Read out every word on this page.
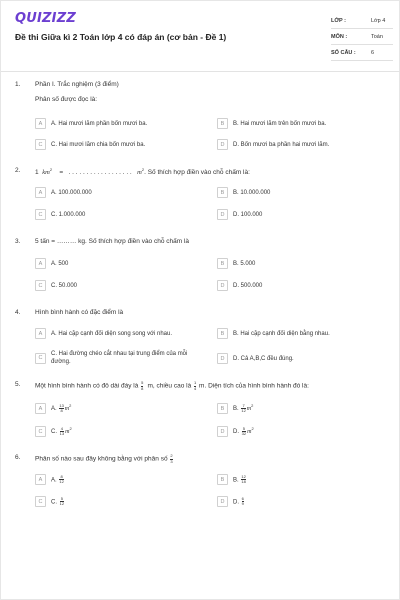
QUIZIZZ
Đề thi Giữa kì 2 Toán lớp 4 có đáp án (cơ bản - Đề 1)
LỚP :	Lớp 4
MÔN :	Toán
SỐ CÂU :	6
1. Phần I. Trắc nghiệm (3 điểm)
Phân số được đọc là:
A	A. Hai mươi lăm phần bốn mươi ba.	B	B. Hai mươi lăm trên bốn mươi ba.
C	C. Hai mươi lăm chia bốn mươi ba.	D	D. Bốn mươi ba phần hai mươi lăm.
2. 1 $km^2$ = . . . . . . . . . . . . . . . . . . $m^2$. Số thích hợp điền vào chỗ chấm là:
A	A. 100.000.000	B	B. 10.000.000
C	C. 1.000.000	D	D. 100.000
3. 5 tấn = ……… kg. Số thích hợp điền vào chỗ chấm là
A	A. 500	B	B. 5.000
C	C. 50.000	D	D. 500.000
4. Hình bình hành có đặc điểm là
A	A. Hai cặp cạnh đối diện song song với nhau.	B	B. Hai cặp cạnh đối diện bằng nhau.
C
C. Hai đường chéo cắt nhau tại trung điểm của mỗi đường.
D	D. Cả A,B,C đều đúng.
5. Một hình bình hành có đô dài đáy là $\frac{5}{8} m$, chiều cao là $\frac{1}{4} m$. Diện tích của hình bình hành đó là:
A	A. $\frac{13}{8} m^2$	B	B. $\frac{7}{12} m^2$
C	C. $\frac{4}{13} m^2$	D	D. $\frac{5}{32} m^2$
6. Phân số nào sau đây không bằng với phân số $\frac{2}{3}$
A	A. $\frac{8}{12}$	B	B. $\frac{12}{18}$
C	C. $\frac{5}{12}$	D	D. $\frac{6}{9}$
